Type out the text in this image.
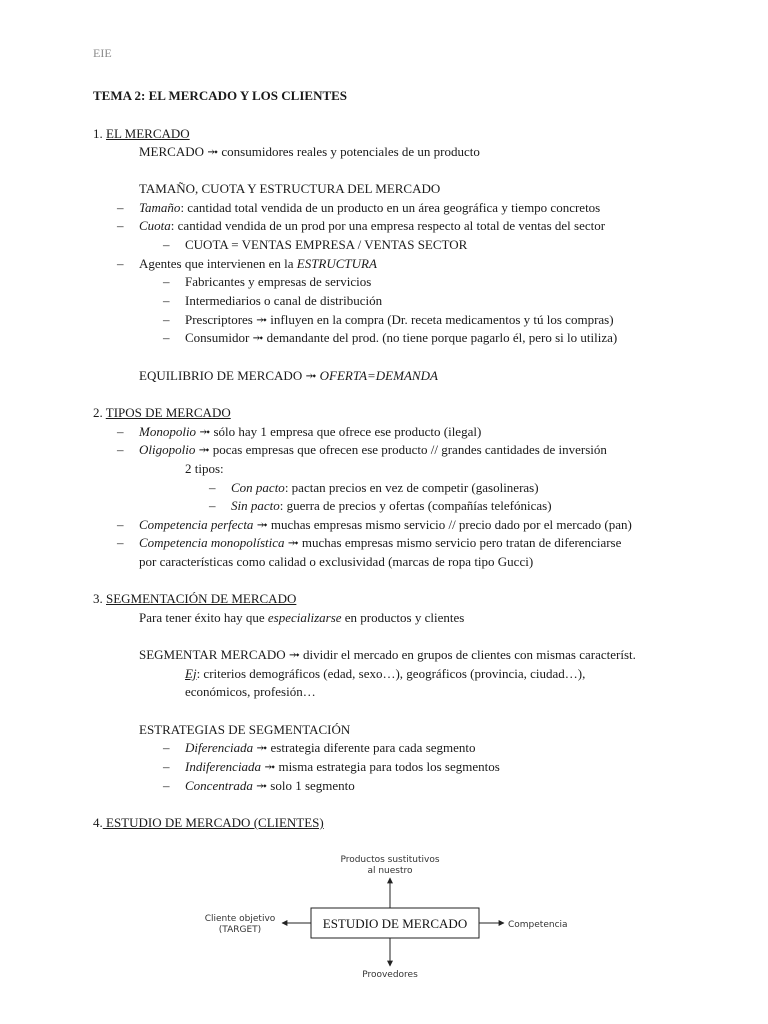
EIE
TEMA 2: EL MERCADO Y LOS CLIENTES
1. EL MERCADO
MERCADO ⤞ consumidores reales y potenciales de un producto
TAMAÑO, CUOTA Y ESTRUCTURA DEL MERCADO
– Tamaño: cantidad total vendida de un producto en un área geográfica y tiempo concretos
– Cuota: cantidad vendida de un prod por una empresa respecto al total de ventas del sector
– CUOTA = VENTAS EMPRESA / VENTAS SECTOR
– Agentes que intervienen en la ESTRUCTURA
– Fabricantes y empresas de servicios
– Intermediarios o canal de distribución
– Prescriptores ⤞ influyen en la compra (Dr. receta medicamentos y tú los compras)
– Consumidor ⤞ demandante del prod. (no tiene porque pagarlo él, pero si lo utiliza)
EQUILIBRIO DE MERCADO ⤞ OFERTA=DEMANDA
2. TIPOS DE MERCADO
– Monopolio ⤞ sólo hay 1 empresa que ofrece ese producto (ilegal)
– Oligopolio ⤞ pocas empresas que ofrecen ese producto // grandes cantidades de inversión
2 tipos:
– Con pacto: pactan precios en vez de competir (gasolineras)
– Sin pacto: guerra de precios y ofertas (compañías telefónicas)
– Competencia perfecta ⤞ muchas empresas mismo servicio // precio dado por el mercado (pan)
– Competencia monopolística ⤞ muchas empresas mismo servicio pero tratan de diferenciarse
por características como calidad o exclusividad (marcas de ropa tipo Gucci)
3. SEGMENTACIÓN DE MERCADO
Para tener éxito hay que especializarse en productos y clientes
SEGMENTAR MERCADO ⤞ dividir el mercado en grupos de clientes con mismas característ.
Ej: criterios demográficos (edad, sexo…), geográficos (provincia, ciudad…),
económicos, profesión…
ESTRATEGIAS DE SEGMENTACIÓN
– Diferenciada ⤞ estrategia diferente para cada segmento
– Indiferenciada ⤞ misma estrategia para todos los segmentos
– Concentrada ⤞ solo 1 segmento
4. ESTUDIO DE MERCADO (CLIENTES)
ESTUDIO DE MERCADO
Productos sustitutivos
al nuestro
Cliente objetivo
(TARGET)	Competencia
Proovedores
